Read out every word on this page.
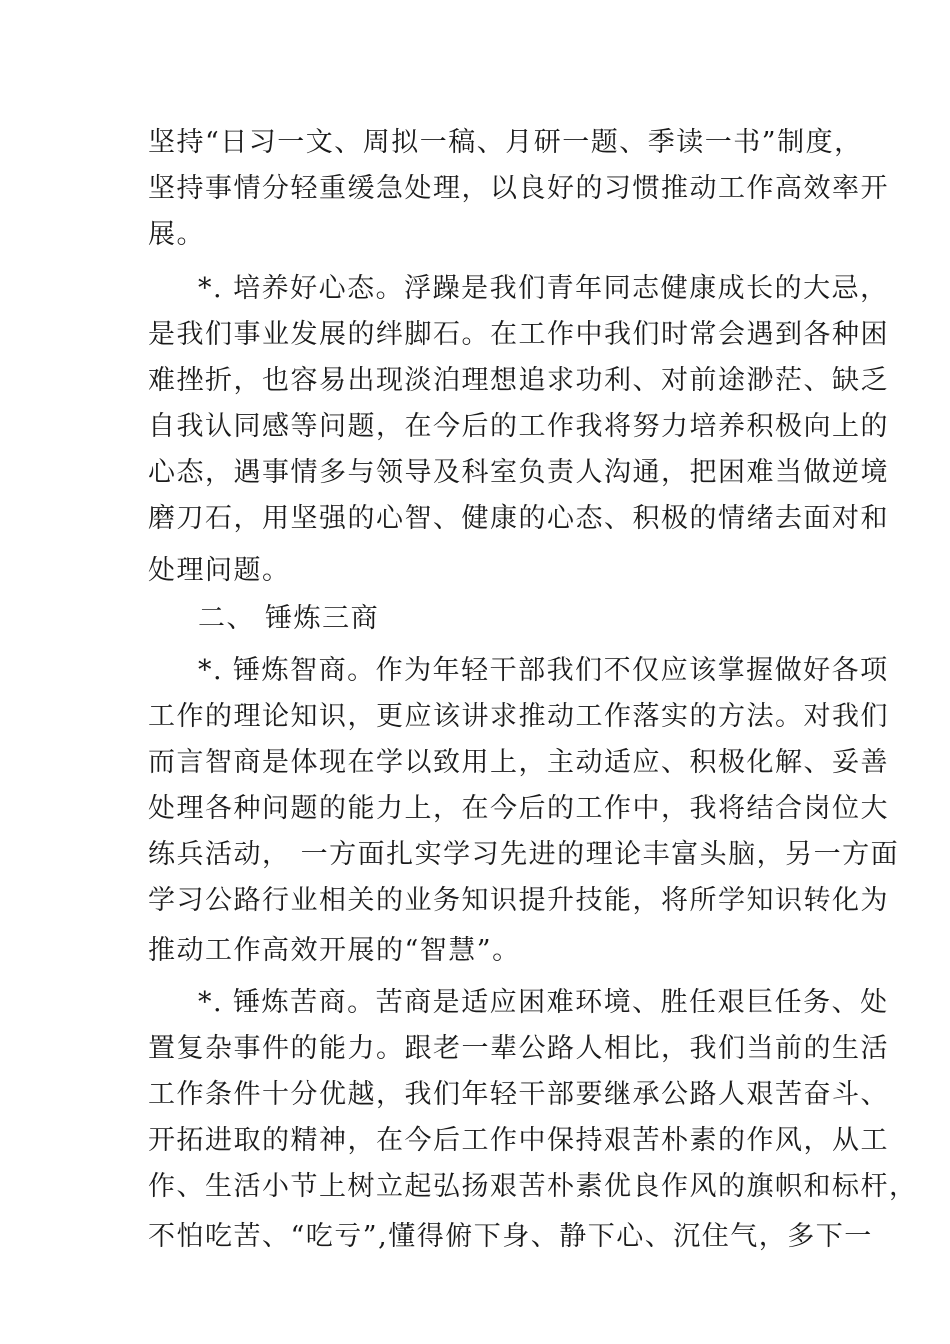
坚持“日习一文、周拟一稿、月研一题、季读一书”制度，
坚持事情分轻重缓急处理，以良好的习惯推动工作高效率开
展。
*. 培养好心态。浮躁是我们青年同志健康成长的大忌，
是我们事业发展的绊脚石。在工作中我们时常会遇到各种困
难挫折，也容易出现淡泊理想追求功利、对前途渺茫、缺乏
自我认同感等问题，在今后的工作我将努力培养积极向上的
心态，遇事情多与领导及科室负责人沟通，把困难当做逆境
磨刀石，用坚强的心智、健康的心态、积极的情绪去面对和
处理问题。
二、 锤炼三商
*. 锤炼智商。作为年轻干部我们不仅应该掌握做好各项
工作的理论知识，更应该讲求推动工作落实的方法。对我们
而言智商是体现在学以致用上，主动适应、积极化解、妥善
处理各种问题的能力上，在今后的工作中，我将结合岗位大
练兵活动， 一方面扎实学习先进的理论丰富头脑，另一方面
学习公路行业相关的业务知识提升技能，将所学知识转化为
推动工作高效开展的“智慧”。
*. 锤炼苦商。苦商是适应困难环境、胜任艰巨任务、处
置复杂事件的能力。跟老一辈公路人相比，我们当前的生活
工作条件十分优越，我们年轻干部要继承公路人艰苦奋斗、
开拓进取的精神，在今后工作中保持艰苦朴素的作风，从工
作、生活小节上树立起弘扬艰苦朴素优良作风的旗帜和标杆，
不怕吃苦、“吃亏”,懂得俯下身、静下心、沉住气，多下一
